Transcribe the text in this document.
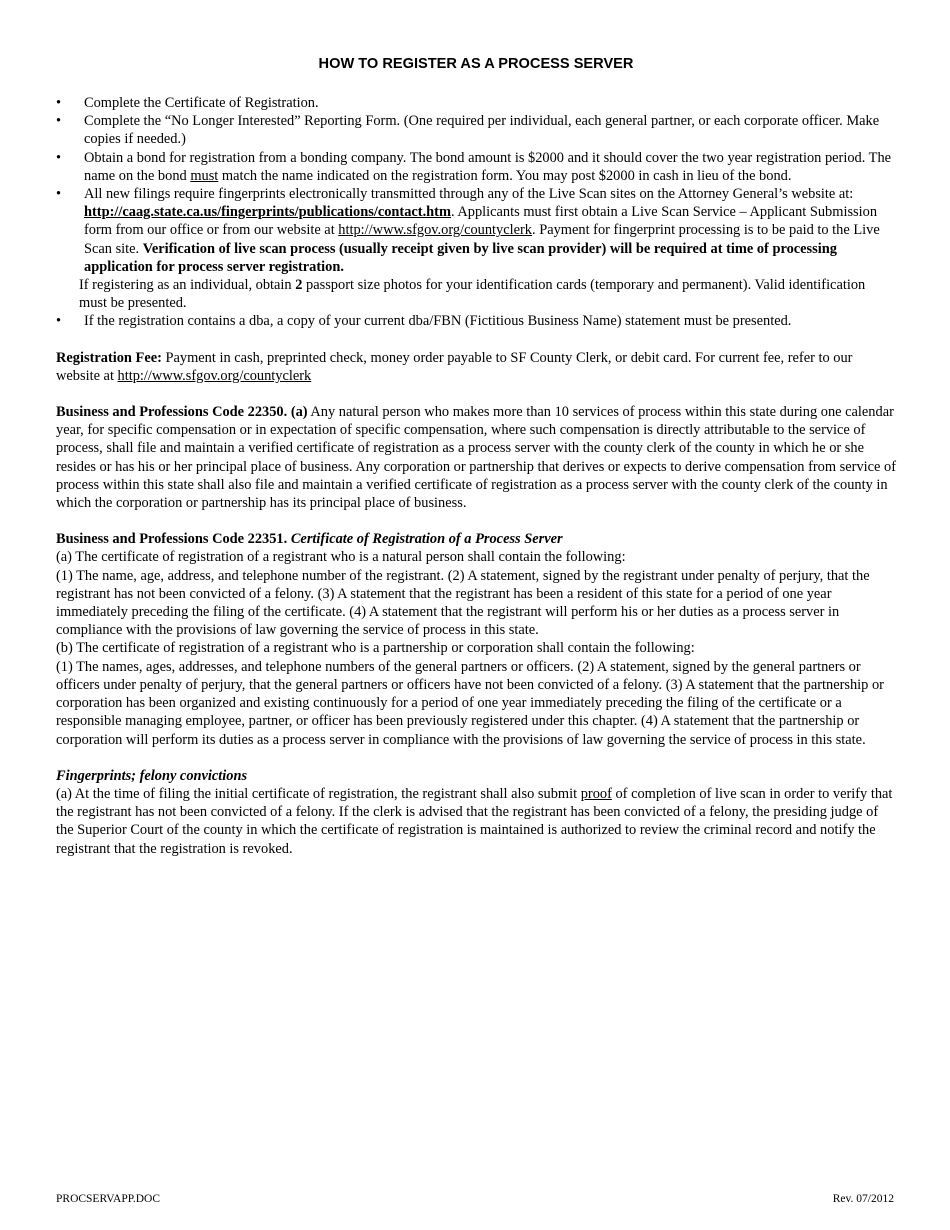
HOW TO REGISTER AS A PROCESS SERVER
• Complete the Certificate of Registration.
• Complete the “No Longer Interested” Reporting Form. (One required per individual, each general partner, or each corporate officer. Make copies if needed.)
• Obtain a bond for registration from a bonding company. The bond amount is $2000 and it should cover the two year registration period. The name on the bond must match the name indicated on the registration form. You may post $2000 in cash in lieu of the bond.
• All new filings require fingerprints electronically transmitted through any of the Live Scan sites on the Attorney General’s website at: http://caag.state.ca.us/fingerprints/publications/contact.htm. Applicants must first obtain a Live Scan Service – Applicant Submission form from our office or from our website at http://www.sfgov.org/countyclerk. Payment for fingerprint processing is to be paid to the Live Scan site. Verification of live scan process (usually receipt given by live scan provider) will be required at time of processing application for process server registration.
If registering as an individual, obtain 2 passport size photos for your identification cards (temporary and permanent). Valid identification must be presented.
• If the registration contains a dba, a copy of your current dba/FBN (Fictitious Business Name) statement must be presented.

Registration Fee: Payment in cash, preprinted check, money order payable to SF County Clerk, or debit card. For current fee, refer to our website at http://www.sfgov.org/countyclerk

Business and Professions Code 22350. (a) Any natural person who makes more than 10 services of process within this state during one calendar year, for specific compensation or in expectation of specific compensation, where such compensation is directly attributable to the service of process, shall file and maintain a verified certificate of registration as a process server with the county clerk of the county in which he or she resides or has his or her principal place of business. Any corporation or partnership that derives or expects to derive compensation from service of process within this state shall also file and maintain a verified certificate of registration as a process server with the county clerk of the county in which the corporation or partnership has its principal place of business.

Business and Professions Code 22351. Certificate of Registration of a Process Server

(a) The certificate of registration of a registrant who is a natural person shall contain the following:

(1) The name, age, address, and telephone number of the registrant. (2) A statement, signed by the registrant under penalty of perjury, that the registrant has not been convicted of a felony. (3) A statement that the registrant has been a resident of this state for a period of one year immediately preceding the filing of the certificate. (4) A statement that the registrant will perform his or her duties as a process server in compliance with the provisions of law governing the service of process in this state.

(b) The certificate of registration of a registrant who is a partnership or corporation shall contain the following:

(1) The names, ages, addresses, and telephone numbers of the general partners or officers. (2) A statement, signed by the general partners or officers under penalty of perjury, that the general partners or officers have not been convicted of a felony. (3) A statement that the partnership or corporation has been organized and existing continuously for a period of one year immediately preceding the filing of the certificate or a responsible managing employee, partner, or officer has been previously registered under this chapter. (4) A statement that the partnership or corporation will perform its duties as a process server in compliance with the provisions of law governing the service of process in this state.

Fingerprints; felony convictions

(a) At the time of filing the initial certificate of registration, the registrant shall also submit proof of completion of live scan in order to verify that the registrant has not been convicted of a felony. If the clerk is advised that the registrant has been convicted of a felony, the presiding judge of the Superior Court of the county in which the certificate of registration is maintained is authorized to review the criminal record and notify the registrant that the registration is revoked.

PROCSERVAPP.DOC	Rev. 07/2012
